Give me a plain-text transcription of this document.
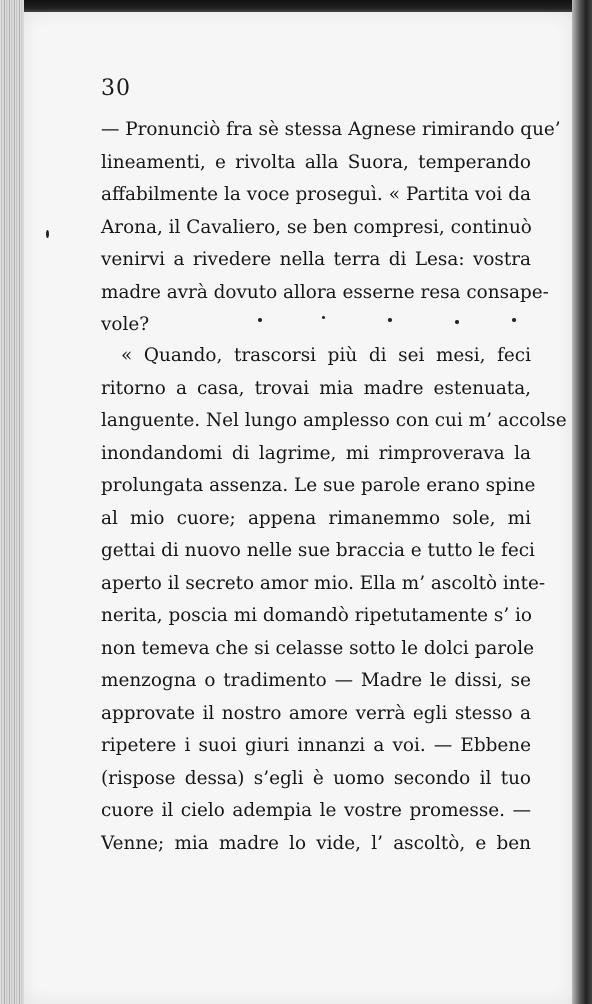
30
— Pronunciò fra sè stessa Agnese rimirando que’
lineamenti, e rivolta alla Suora, temperando
affabilmente la voce proseguì. « Partita voi da
Arona, il Cavaliero, se ben compresi, continuò
venirvi a rivedere nella terra di Lesa: vostra
madre avrà dovuto allora esserne resa consape-
vole?
« Quando, trascorsi più di sei mesi, feci
ritorno a casa, trovai mia madre estenuata,
languente. Nel lungo amplesso con cui m’ accolse
inondandomi di lagrime, mi rimproverava la
prolungata assenza. Le sue parole erano spine
al mio cuore; appena rimanemmo sole, mi
gettai di nuovo nelle sue braccia e tutto le feci
aperto il secreto amor mio. Ella m’ ascoltò inte-
nerita, poscia mi domandò ripetutamente s’ io
non temeva che si celasse sotto le dolci parole
menzogna o tradimento — Madre le dissi, se
approvate il nostro amore verrà egli stesso a
ripetere i suoi giuri innanzi a voi. — Ebbene
(rispose dessa) s’egli è uomo secondo il tuo
cuore il cielo adempia le vostre promesse. —
Venne; mia madre lo vide, l’ ascoltò, e ben
